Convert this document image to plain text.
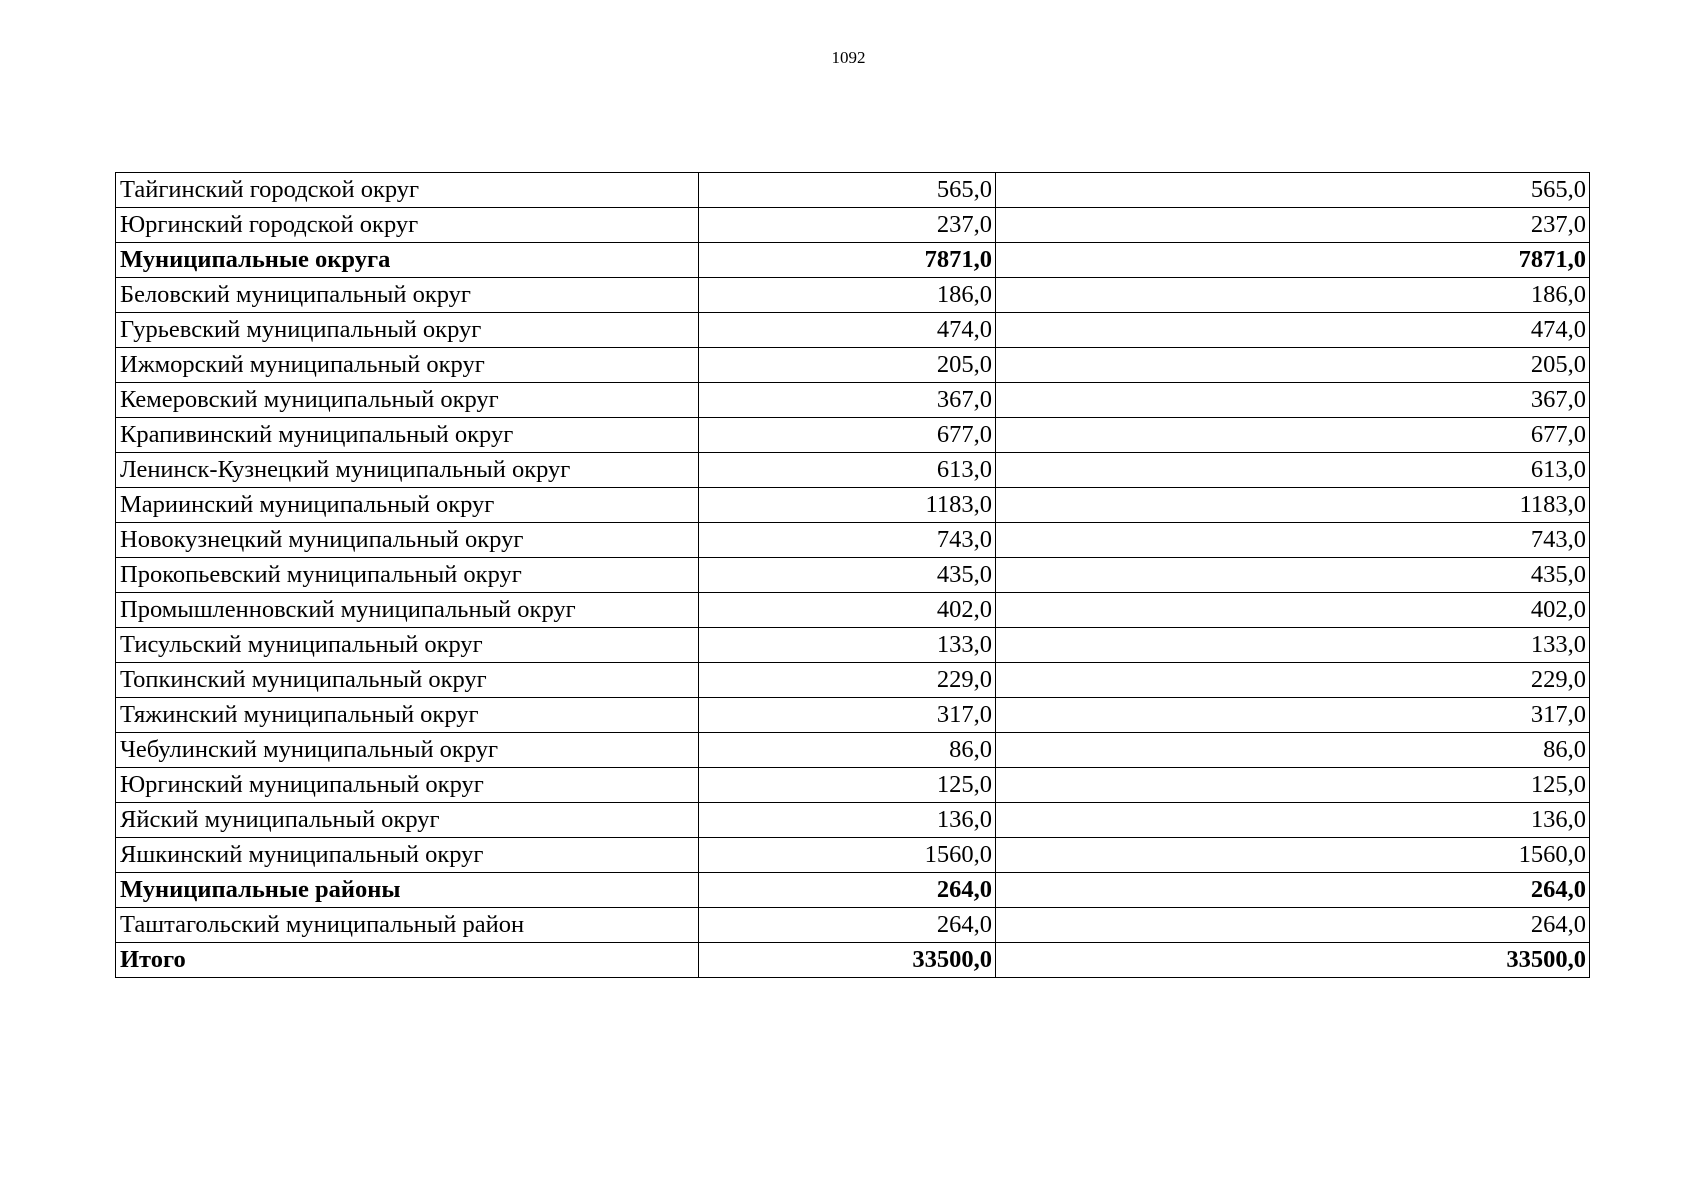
1092
Тайгинский городской округ	565,0	565,0
Юргинский городской округ	237,0	237,0
Муниципальные округа	7871,0	7871,0
Беловский муниципальный округ	186,0	186,0
Гурьевский муниципальный округ	474,0	474,0
Ижморский муниципальный округ	205,0	205,0
Кемеровский муниципальный округ	367,0	367,0
Крапивинский муниципальный округ	677,0	677,0
Ленинск-Кузнецкий муниципальный округ	613,0	613,0
Мариинский муниципальный округ	1183,0	1183,0
Новокузнецкий муниципальный округ	743,0	743,0
Прокопьевский муниципальный округ	435,0	435,0
Промышленновский муниципальный округ	402,0	402,0
Тисульский муниципальный округ	133,0	133,0
Топкинский муниципальный округ	229,0	229,0
Тяжинский муниципальный округ	317,0	317,0
Чебулинский муниципальный округ	86,0	86,0
Юргинский муниципальный округ	125,0	125,0
Яйский муниципальный округ	136,0	136,0
Яшкинский муниципальный округ	1560,0	1560,0
Муниципальные районы	264,0	264,0
Таштагольский муниципальный район	264,0	264,0
Итого	33500,0	33500,0
